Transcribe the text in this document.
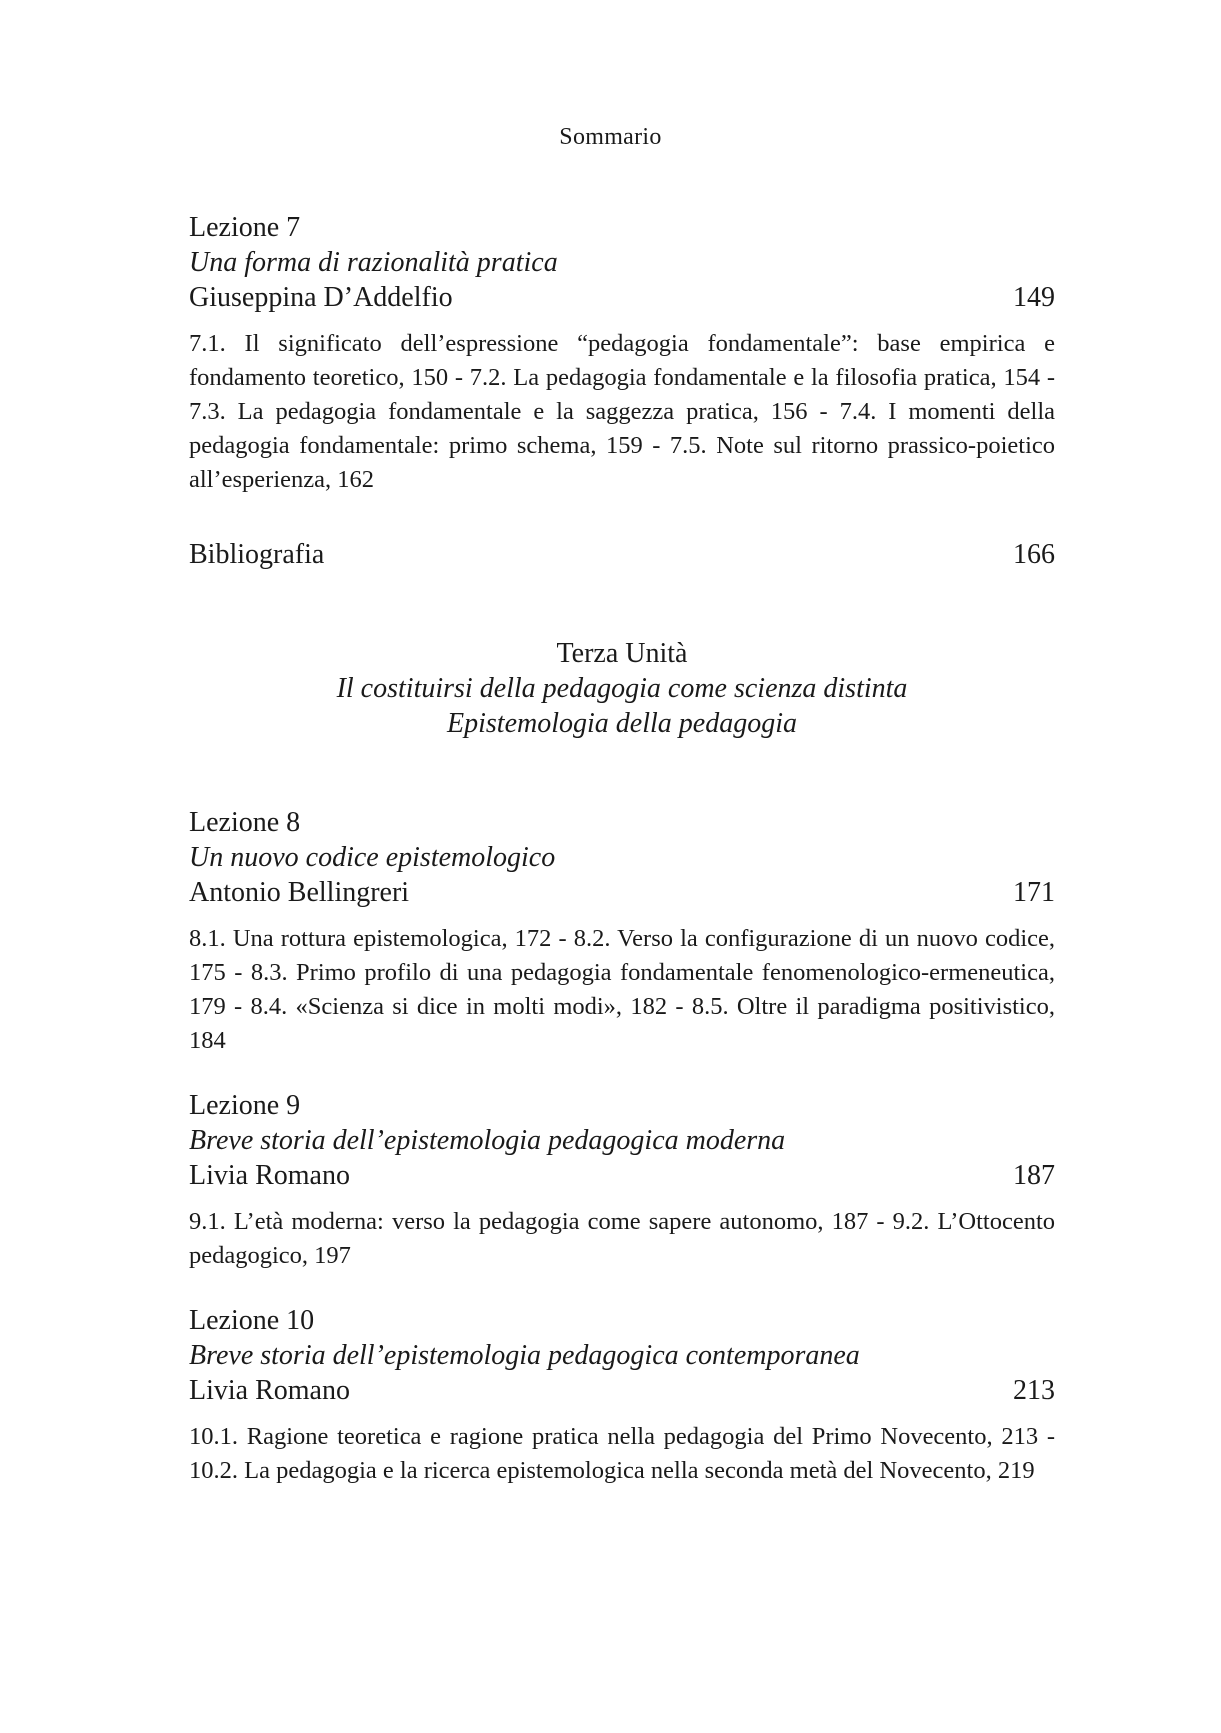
Sommario

Lezione 7

Una forma di razionalità pratica

Giuseppina D’Addelfio	149

7.1. Il significato dell’espressione “pedagogia fondamentale”: base empirica e fondamento teoretico, 150 - 7.2. La pedagogia fondamentale e la filosofia pratica, 154 - 7.3. La pedagogia fondamentale e la saggezza pratica, 156 - 7.4. I momenti della pedagogia fondamentale: primo schema, 159 - 7.5. Note sul ritorno prassico-poietico all’esperienza, 162

Bibliografia	166
Terza Unità
Il costituirsi della pedagogia come scienza distinta
Epistemologia della pedagogia

Lezione 8

Un nuovo codice epistemologico

Antonio Bellingreri	171

8.1. Una rottura epistemologica, 172 - 8.2. Verso la configurazione di un nuovo codice, 175 - 8.3. Primo profilo di una pedagogia fondamentale fenomenologico-ermeneutica, 179 - 8.4. «Scienza si dice in molti modi», 182 - 8.5. Oltre il paradigma positivistico, 184

Lezione 9

Breve storia dell’epistemologia pedagogica moderna

Livia Romano	187

9.1. L’età moderna: verso la pedagogia come sapere autonomo, 187 - 9.2. L’Ottocento pedagogico, 197

Lezione 10

Breve storia dell’epistemologia pedagogica contemporanea

Livia Romano	213

10.1. Ragione teoretica e ragione pratica nella pedagogia del Primo Novecento, 213 - 10.2. La pedagogia e la ricerca epistemologica nella seconda metà del Novecento, 219
